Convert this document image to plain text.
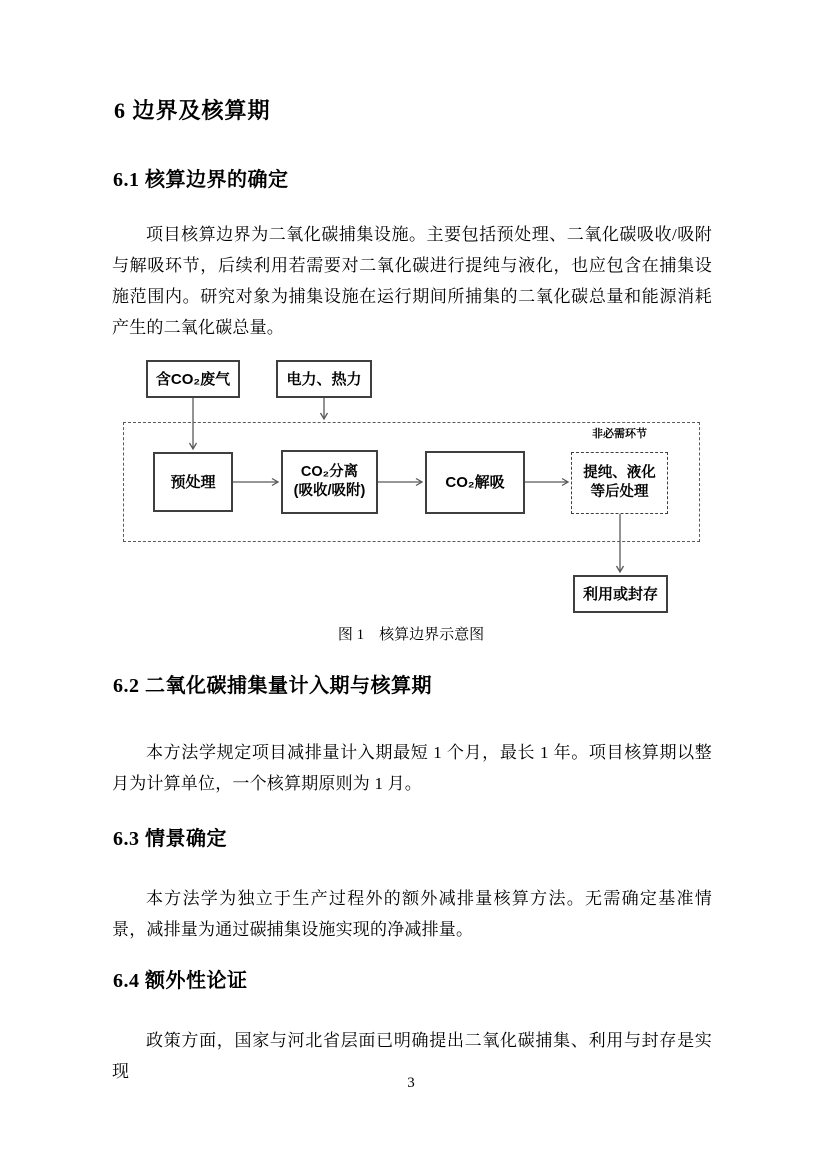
6 边界及核算期
6.1 核算边界的确定

项目核算边界为二氧化碳捕集设施。主要包括预处理、二氧化碳吸收/吸附与解吸环节，后续利用若需要对二氧化碳进行提纯与液化，也应包含在捕集设施范围内。研究对象为捕集设施在运行期间所捕集的二氧化碳总量和能源消耗产生的二氧化碳总量。

含CO₂废气	电力、热力
预处理
CO₂分离
(吸收/吸附)	CO₂解吸
非必需环节
提纯、液化
等后处理
利用或封存
图 1　核算边界示意图
6.2 二氧化碳捕集量计入期与核算期

本方法学规定项目减排量计入期最短 1 个月，最长 1 年。项目核算期以整月为计算单位，一个核算期原则为 1 月。

6.3 情景确定

本方法学为独立于生产过程外的额外减排量核算方法。无需确定基准情景，减排量为通过碳捕集设施实现的净减排量。

6.4 额外性论证

政策方面，国家与河北省层面已明确提出二氧化碳捕集、利用与封存是实现

3
